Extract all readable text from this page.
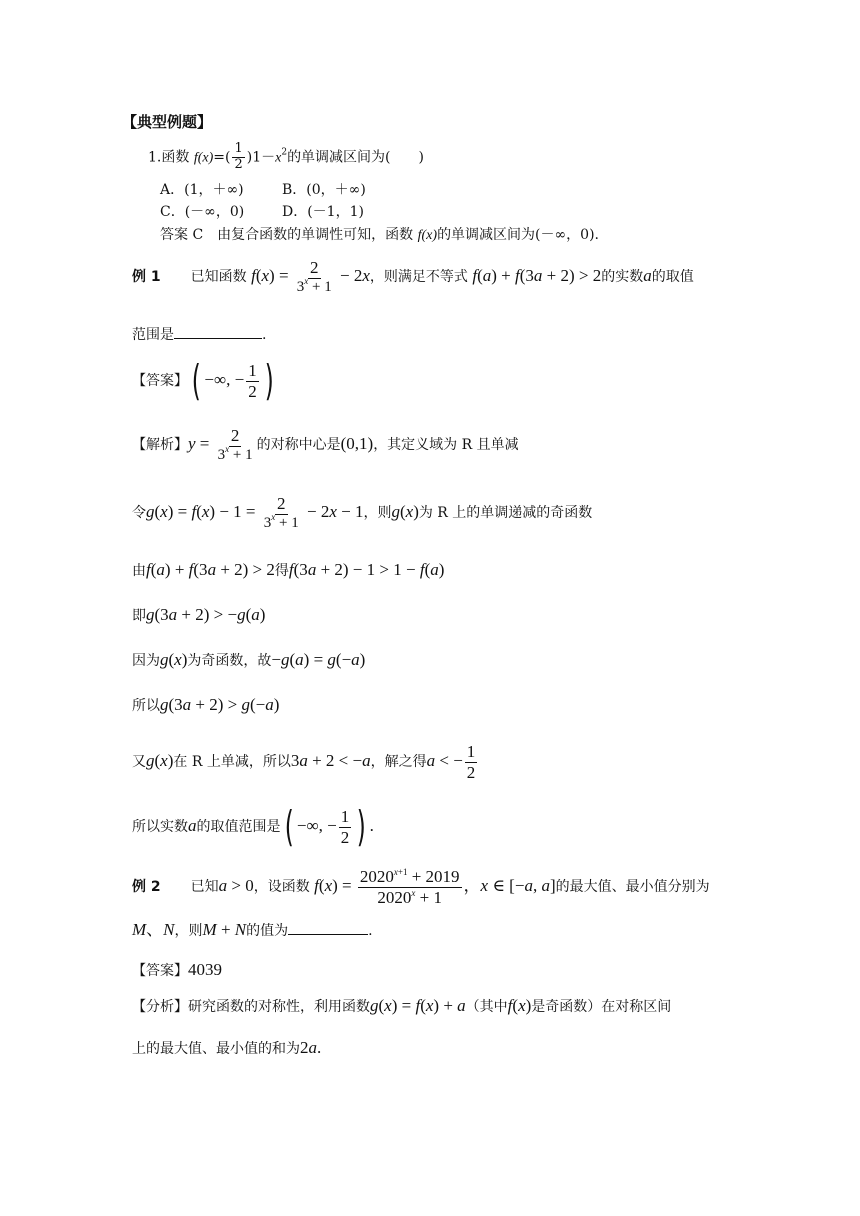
【典型例题】
1.函数 $f(x)=( \frac{1}{2} )1-x^2$的单调减区间为(　　)
A．(1，＋∞)	B．(0，＋∞)
C．(－∞，0)	D．(－1，1)
答案 C　由复合函数的单调性可知，函数 f(x)的单调减区间为(－∞，0).
例 1 已知函数 $f(x) = \frac{2}{3^x + 1} - 2x$，则满足不等式 f(a) + f(3a + 2) > 2的实数a的取值
范围是	.
【答案】( −∞, − $\frac{1}{2}$ )
【解析】$y = \frac{2}{3^x + 1}$ 的对称中心是(0,1)，其定义域为 R 且单减
令$g(x) = f(x) - 1 = \frac{2}{3^x + 1} - 2x - 1$，则g(x)为 R 上的单调递减的奇函数
由f(a) + f(3a + 2) > 2得f(3a + 2) − 1 > 1 − f(a)
即g(3a + 2) > −g(a)
因为g(x)为奇函数，故−g(a) = g(−a)
所以g(3a + 2) > g(−a)
又g(x)在 R 上单减，所以3a + 2 < −a，解之得a < − $\frac{1}{2}$
所以实数a的取值范围是( −∞, − $\frac{1}{2}$ ) .
例 2 已知a > 0，设函数 $f(x) = \frac{2020^{x+1} + 2019}{2020^x + 1}$ ，x ∈ [−a, a]的最大值、最小值分别为
M、N，则M + N的值为	.
【答案】4039
【分析】研究函数的对称性，利用函数g(x) = f(x) + a（其中f(x)是奇函数）在对称区间
上的最大值、最小值的和为2a.
